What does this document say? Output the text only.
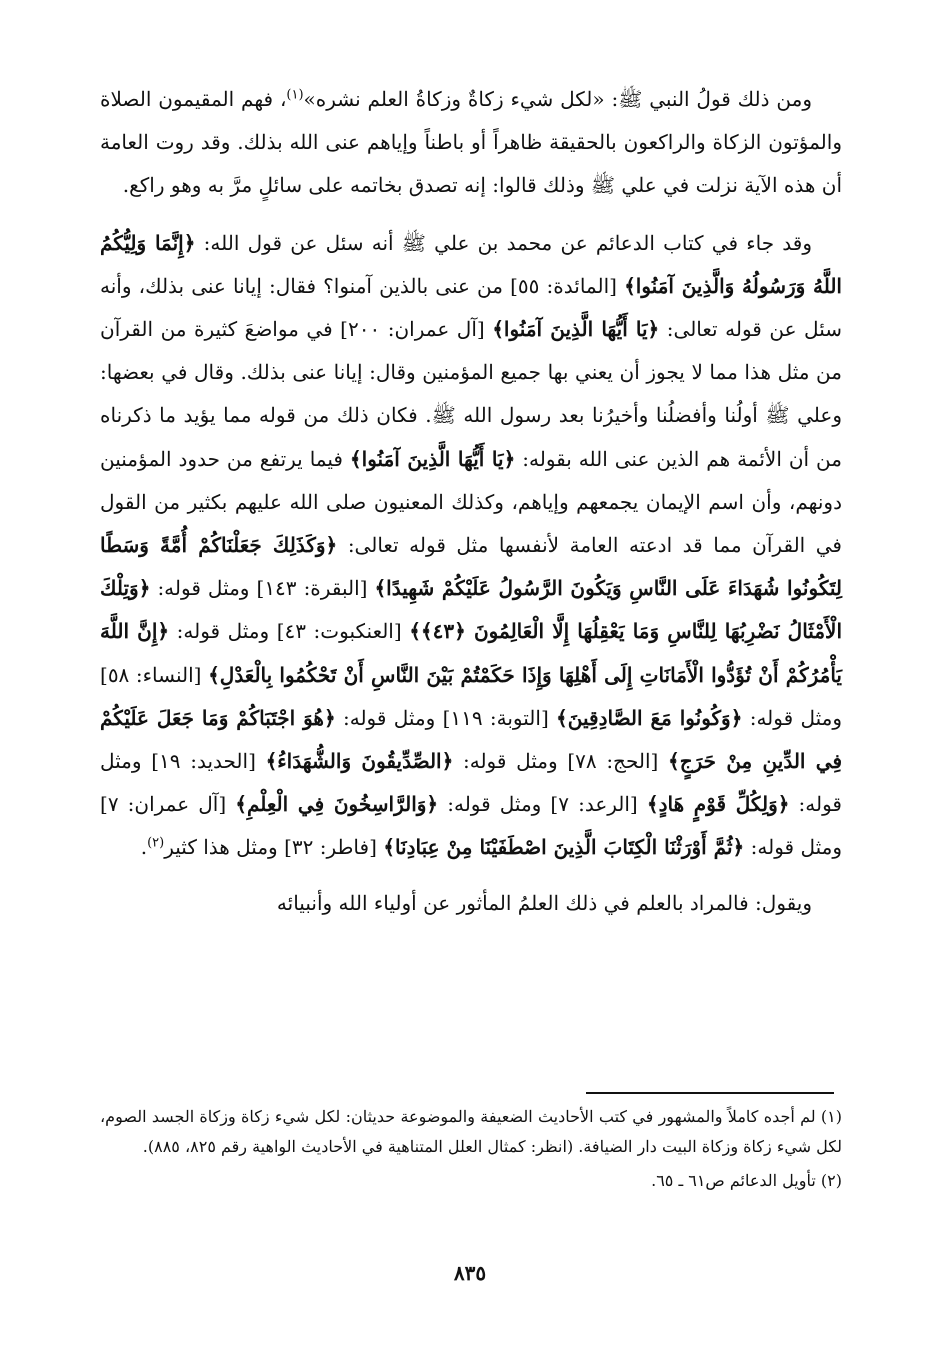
ومن ذلك قولُ النبي ﷺ: «لكل شيء زكاةٌ وزكاةُ العلم نشره»$^{(١)}$، فهم المقيمون الصلاة والمؤتون الزكاة والراكعون بالحقيقة ظاهراً أو باطناً وإياهم عنى الله بذلك. وقد روت العامة أن هذه الآية نزلت في علي ﷺ وذلك قالوا: إنه تصدق بخاتمه على سائلٍ مرَّ به وهو راكع.

وقد جاء في كتاب الدعائم عن محمد بن علي ﷺ أنه سئل عن قول الله: ﴿إِنَّمَا وَلِيُّكُمُ اللَّهُ وَرَسُولُهُ وَالَّذِينَ آمَنُوا﴾ [المائدة: ٥٥] من عنى بالذين آمنوا؟ فقال: إيانا عنى بذلك، وأنه سئل عن قوله تعالى: ﴿يَا أَيُّهَا الَّذِينَ آمَنُوا﴾ [آل عمران: ٢٠٠] في مواضعَ كثيرة من القرآن من مثل هذا مما لا يجوز أن يعني بها جميع المؤمنين وقال: إيانا عنى بذلك. وقال في بعضها: وعلي ﷺ أولُنا وأفضلُنا وأخيرُنا بعد رسول الله ﷺ. فكان ذلك من قوله مما يؤيد ما ذكرناه من أن الأئمة هم الذين عنى الله بقوله: ﴿يَا أَيُّهَا الَّذِينَ آمَنُوا﴾ فيما يرتفع من حدود المؤمنين دونهم، وأن اسم الإيمان يجمعهم وإياهم، وكذلك المعنيون صلى الله عليهم بكثير من القول في القرآن مما قد ادعته العامة لأنفسها مثل قوله تعالى: ﴿وَكَذَلِكَ جَعَلْنَاكُمْ أُمَّةً وَسَطًا لِتَكُونُوا شُهَدَاءَ عَلَى النَّاسِ وَيَكُونَ الرَّسُولُ عَلَيْكُمْ شَهِيدًا﴾ [البقرة: ١٤٣] ومثل قوله: ﴿وَتِلْكَ الْأَمْثَالُ نَضْرِبُهَا لِلنَّاسِ وَمَا يَعْقِلُهَا إِلَّا الْعَالِمُونَ ﴿٤٣﴾﴾ [العنكبوت: ٤٣] ومثل قوله: ﴿إِنَّ اللَّهَ يَأْمُرُكُمْ أَنْ تُؤَدُّوا الْأَمَانَاتِ إِلَى أَهْلِهَا وَإِذَا حَكَمْتُمْ بَيْنَ النَّاسِ أَنْ تَحْكُمُوا بِالْعَدْلِ﴾ [النساء: ٥٨] ومثل قوله: ﴿وَكُونُوا مَعَ الصَّادِقِينَ﴾ [التوبة: ١١٩] ومثل قوله: ﴿هُوَ اجْتَبَاكُمْ وَمَا جَعَلَ عَلَيْكُمْ فِي الدِّينِ مِنْ حَرَجٍ﴾ [الحج: ٧٨] ومثل قوله: ﴿الصِّدِّيقُونَ وَالشُّهَدَاءُ﴾ [الحديد: ١٩] ومثل قوله: ﴿وَلِكُلِّ قَوْمٍ هَادٍ﴾ [الرعد: ٧] ومثل قوله: ﴿وَالرَّاسِخُونَ فِي الْعِلْمِ﴾ [آل عمران: ٧] ومثل قوله: ﴿ثُمَّ أَوْرَثْنَا الْكِتَابَ الَّذِينَ اصْطَفَيْنَا مِنْ عِبَادِنَا﴾ [فاطر: ٣٢] ومثل هذا كثير$^{(٢)}$.

ويقول: فالمراد بالعلم في ذلك العلمُ المأثور عن أولياء الله وأنبيائه

(١) لم أجده كاملاً والمشهور في كتب الأحاديث الضعيفة والموضوعة حديثان: لكل شيء زكاة وزكاة الجسد الصوم، لكل شيء زكاة وزكاة البيت دار الضيافة. (انظر: كمثال العلل المتناهية في الأحاديث الواهية رقم ٨٢٥، ٨٨٥).

(٢) تأويل الدعائم ص٦١ ـ ٦٥.

٨٣٥
